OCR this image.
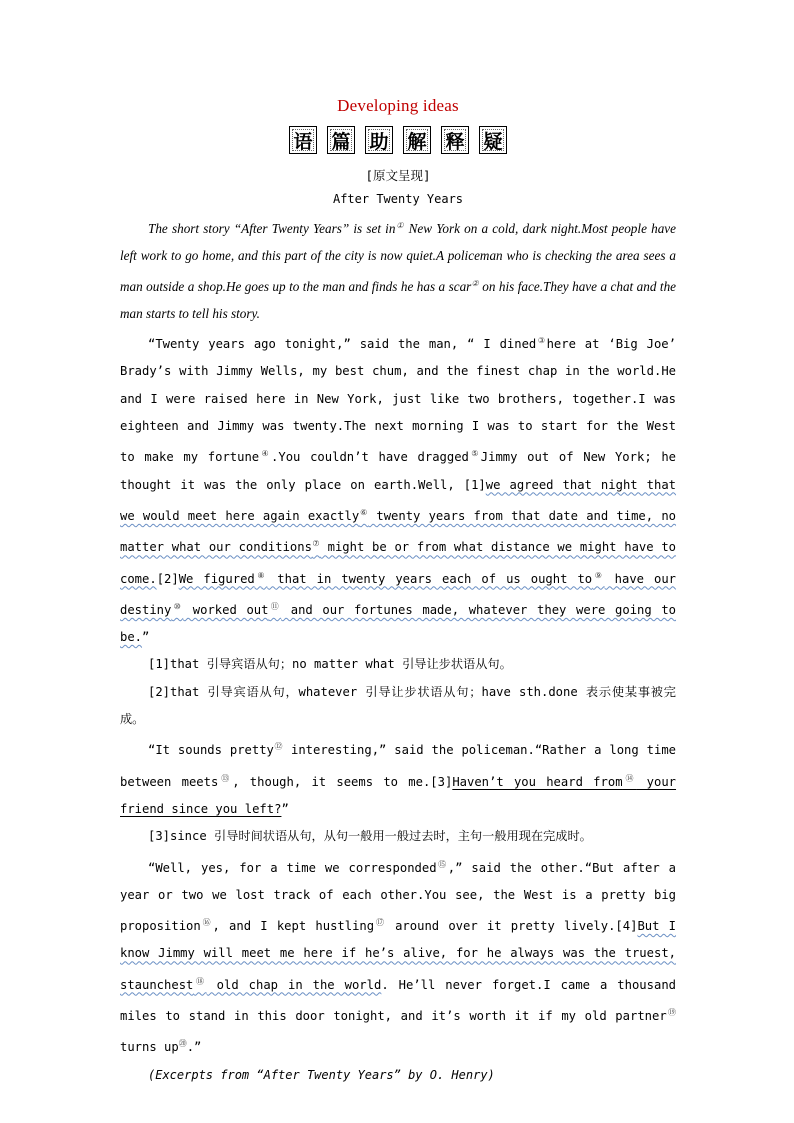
Developing ideas
语 篇 助 解 释 疑
[原文呈现]
After Twenty Years

The short story “After Twenty Years” is set in① New York on a cold, dark night.Most people have left work to go home, and this part of the city is now quiet.A policeman who is checking the area sees a man outside a shop.He goes up to the man and finds he has a scar② on his face.They have a chat and the man starts to tell his story.

“Twenty years ago tonight,” said the man, “ I dined③here at ‘Big Joe’ Brady’s with Jimmy Wells, my best chum, and the finest chap in the world.He and I were raised here in New York, just like two brothers, together.I was eighteen and Jimmy was twenty.The next morning I was to start for the West to make my fortune④.You couldn’t have dragged⑤Jimmy out of New York; he thought it was the only place on earth.Well, [1]we agreed that night that we would meet here again exactly⑥ twenty years from that date and time, no matter what our conditions⑦ might be or from what distance we might have to come.[2]We figured⑧ that in twenty years each of us ought to⑨ have our destiny⑩ worked out⑪ and our fortunes made, whatever they were going to be.”

[1]that 引导宾语从句；no matter what 引导让步状语从句。

[2]that 引导宾语从句，whatever 引导让步状语从句；have sth.done 表示使某事被完成。

“It sounds pretty⑫ interesting,” said the policeman.“Rather a long time between meets⑬, though, it seems to me.[3]Haven’t you heard from⑭ your friend since you left?”

[3]since 引导时间状语从句，从句一般用一般过去时，主句一般用现在完成时。

“Well, yes, for a time we corresponded⑮,” said the other.“But after a year or two we lost track of each other.You see, the West is a pretty big proposition⑯, and I kept hustling⑰ around over it pretty lively.[4]But I know Jimmy will meet me here if he’s alive, for he always was the truest, staunchest⑱ old chap in the world. He’ll never forget.I came a thousand miles to stand in this door tonight, and it’s worth it if my old partner⑲ turns up⑳.”

(Excerpts from “After Twenty Years” by O. Henry)
